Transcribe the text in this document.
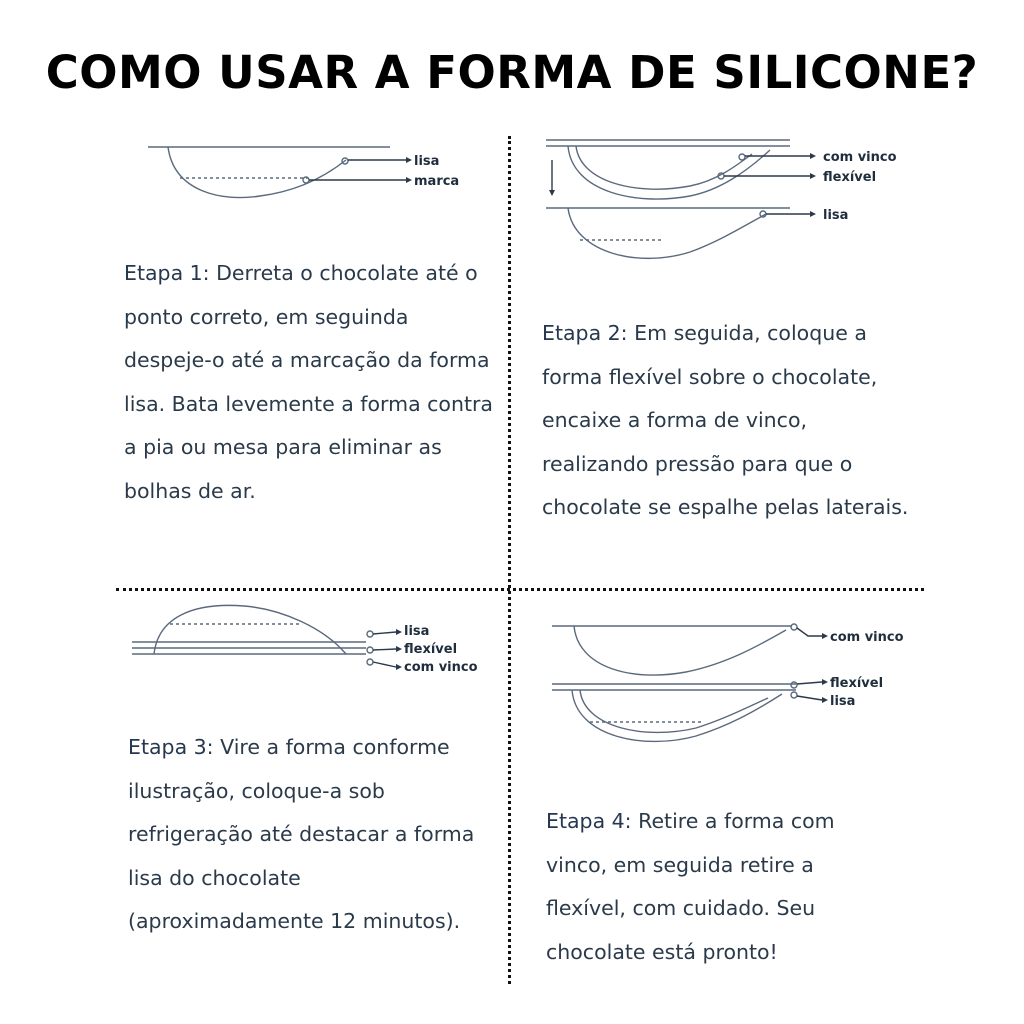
COMO USAR A FORMA DE SILICONE?
lisa
marca
com vinco
flexível
lisa
lisa
flexível
com vinco
com vinco
flexível
lisa
Etapa 1: Derreta o chocolate até o ponto correto, em seguinda despeje-o até a marcação da forma lisa. Bata levemente a forma contra a pia ou mesa para eliminar as bolhas de ar.
Etapa 2: Em seguida, coloque a forma flexível sobre o chocolate, encaixe a forma de vinco, realizando pressão para que o chocolate se espalhe pelas laterais.
Etapa 3: Vire a forma conforme ilustração, coloque-a sob refrigeração até destacar a forma lisa do chocolate (aproximadamente 12 minutos).
Etapa 4: Retire a forma com vinco, em seguida retire a flexível, com cuidado. Seu chocolate está pronto!
